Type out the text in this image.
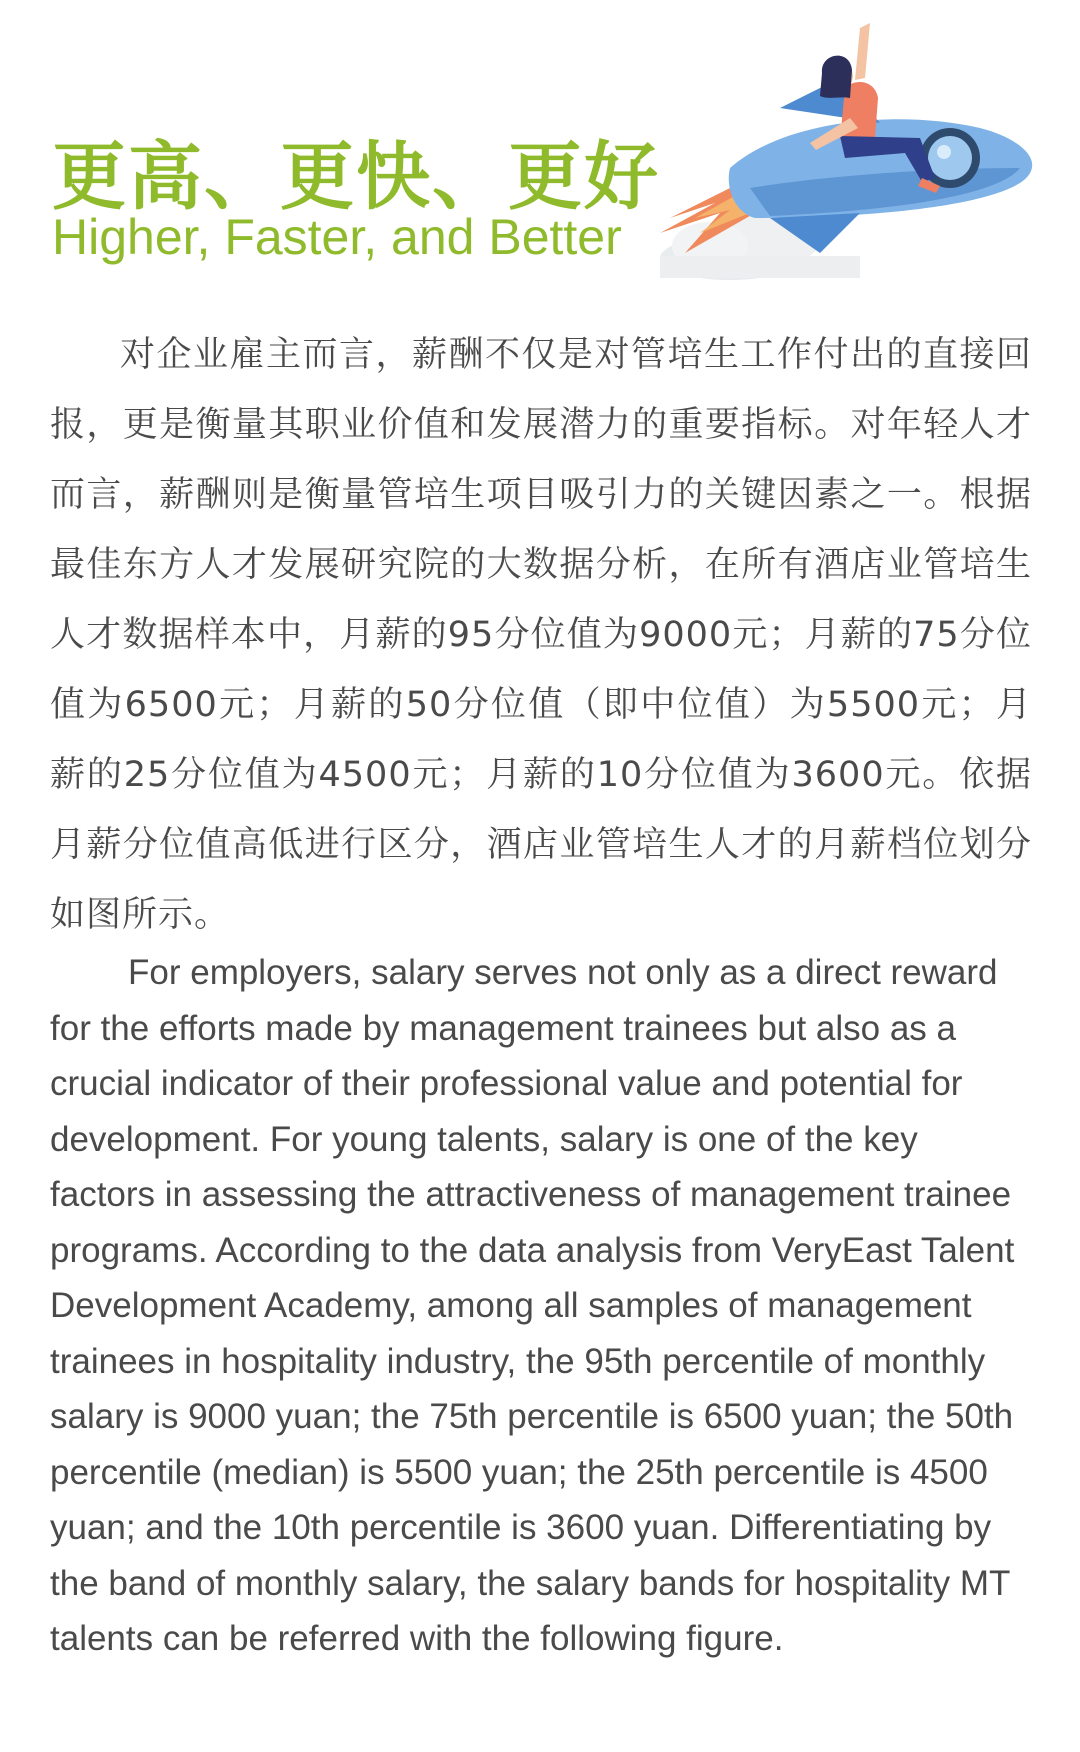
更高、更快、更好
Higher, Faster, and Better
对企业雇主而言，薪酬不仅是对管培生工作付出的直接回报，更是衡量其职业价值和发展潜力的重要指标。对年轻人才而言，薪酬则是衡量管培生项目吸引力的关键因素之一。根据最佳东方人才发展研究院的大数据分析，在所有酒店业管培生人才数据样本中，月薪的95分位值为9000元；月薪的75分位值为6500元；月薪的50分位值（即中位值）为5500元；月薪的25分位值为4500元；月薪的10分位值为3600元。依据月薪分位值高低进行区分，酒店业管培生人才的月薪档位划分如图所示。
For employers, salary serves not only as a direct reward for the efforts made by management trainees but also as a crucial indicator of their professional value and potential for development. For young talents, salary is one of the key factors in assessing the attractiveness of management trainee programs. According to the data analysis from VeryEast Talent Development Academy, among all samples of management trainees in hospitality industry, the 95th percentile of monthly salary is 9000 yuan; the 75th percentile is 6500 yuan; the 50th percentile (median) is 5500 yuan; the 25th percentile is 4500 yuan; and the 10th percentile is 3600 yuan. Differentiating by the band of monthly salary, the salary bands for hospitality MT talents can be referred with the following figure.
